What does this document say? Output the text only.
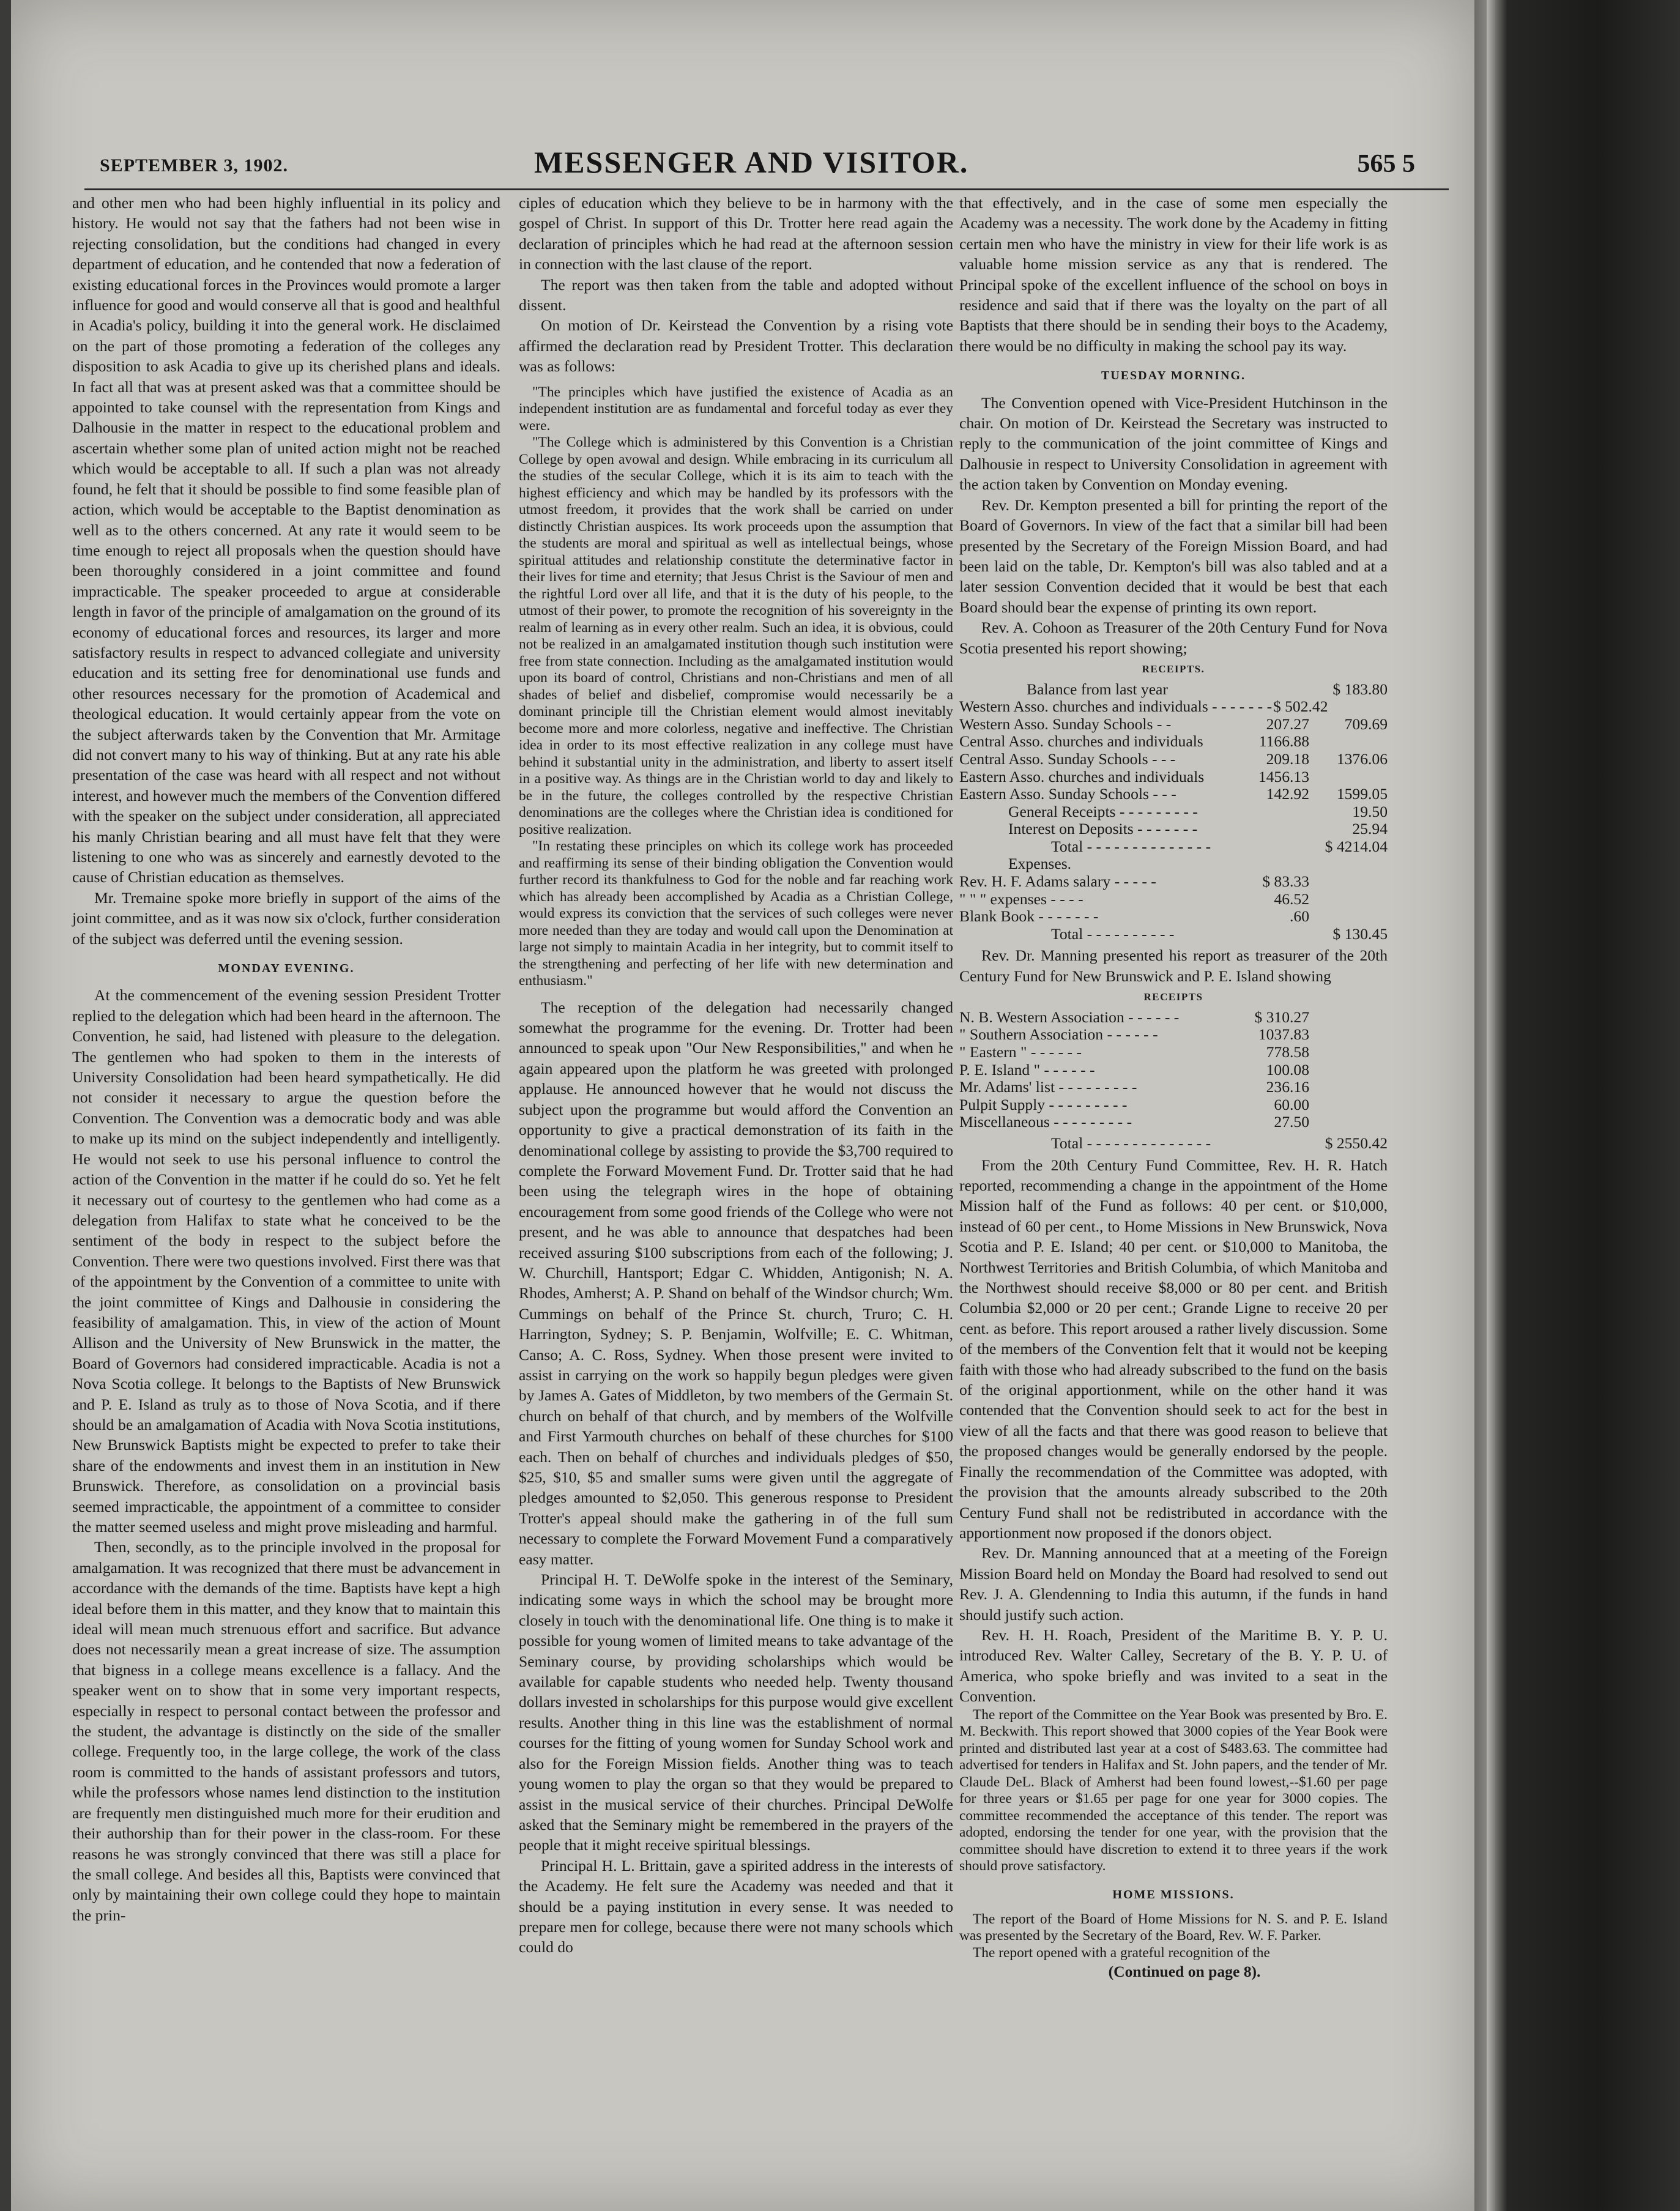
SEPTEMBER 3, 1902.	MESSENGER AND VISITOR.	565 5

and other men who had been highly influential in its policy and history. He would not say that the fathers had not been wise in rejecting consolidation, but the conditions had changed in every department of education, and he contended that now a federation of existing educational forces in the Provinces would promote a larger influence for good and would conserve all that is good and healthful in Acadia's policy, building it into the general work. He disclaimed on the part of those promoting a federation of the colleges any disposition to ask Acadia to give up its cherished plans and ideals. In fact all that was at present asked was that a committee should be appointed to take counsel with the representation from Kings and Dalhousie in the matter in respect to the educational problem and ascertain whether some plan of united action might not be reached which would be acceptable to all. If such a plan was not already found, he felt that it should be possible to find some feasible plan of action, which would be acceptable to the Baptist denomination as well as to the others concerned. At any rate it would seem to be time enough to reject all proposals when the question should have been thoroughly considered in a joint committee and found impracticable. The speaker proceeded to argue at considerable length in favor of the principle of amalgamation on the ground of its economy of educational forces and resources, its larger and more satisfactory results in respect to advanced collegiate and university education and its setting free for denominational use funds and other resources necessary for the promotion of Academical and theological education. It would certainly appear from the vote on the subject afterwards taken by the Convention that Mr. Armitage did not convert many to his way of thinking. But at any rate his able presentation of the case was heard with all respect and not without interest, and however much the members of the Convention differed with the speaker on the subject under consideration, all appreciated his manly Christian bearing and all must have felt that they were listening to one who was as sincerely and earnestly devoted to the cause of Christian education as themselves.

Mr. Tremaine spoke more briefly in support of the aims of the joint committee, and as it was now six o'clock, further consideration of the subject was deferred until the evening session.

MONDAY EVENING.

At the commencement of the evening session President Trotter replied to the delegation which had been heard in the afternoon. The Convention, he said, had listened with pleasure to the delegation. The gentlemen who had spoken to them in the interests of University Consolidation had been heard sympathetically. He did not consider it necessary to argue the question before the Convention. The Convention was a democratic body and was able to make up its mind on the subject independently and intelligently. He would not seek to use his personal influence to control the action of the Convention in the matter if he could do so. Yet he felt it necessary out of courtesy to the gentlemen who had come as a delegation from Halifax to state what he conceived to be the sentiment of the body in respect to the subject before the Convention. There were two questions involved. First there was that of the appointment by the Convention of a committee to unite with the joint committee of Kings and Dalhousie in considering the feasibility of amalgamation. This, in view of the action of Mount Allison and the University of New Brunswick in the matter, the Board of Governors had considered impracticable. Acadia is not a Nova Scotia college. It belongs to the Baptists of New Brunswick and P. E. Island as truly as to those of Nova Scotia, and if there should be an amalgamation of Acadia with Nova Scotia institutions, New Brunswick Baptists might be expected to prefer to take their share of the endowments and invest them in an institution in New Brunswick. Therefore, as consolidation on a provincial basis seemed impracticable, the appointment of a committee to consider the matter seemed useless and might prove misleading and harmful.

Then, secondly, as to the principle involved in the proposal for amalgamation. It was recognized that there must be advancement in accordance with the demands of the time. Baptists have kept a high ideal before them in this matter, and they know that to maintain this ideal will mean much strenuous effort and sacrifice. But advance does not necessarily mean a great increase of size. The assumption that bigness in a college means excellence is a fallacy. And the speaker went on to show that in some very important respects, especially in respect to personal contact between the professor and the student, the advantage is distinctly on the side of the smaller college. Frequently too, in the large college, the work of the class room is committed to the hands of assistant professors and tutors, while the professors whose names lend distinction to the institution are frequently men distinguished much more for their erudition and their authorship than for their power in the class-room. For these reasons he was strongly convinced that there was still a place for the small college. And besides all this, Baptists were convinced that only by maintaining their own college could they hope to maintain the prin-

ciples of education which they believe to be in harmony with the gospel of Christ. In support of this Dr. Trotter here read again the declaration of principles which he had read at the afternoon session in connection with the last clause of the report.

The report was then taken from the table and adopted without dissent.

On motion of Dr. Keirstead the Convention by a rising vote affirmed the declaration read by President Trotter. This declaration was as follows:

"The principles which have justified the existence of Acadia as an independent institution are as fundamental and forceful today as ever they were.

"The College which is administered by this Convention is a Christian College by open avowal and design. While embracing in its curriculum all the studies of the secular College, which it is its aim to teach with the highest efficiency and which may be handled by its professors with the utmost freedom, it provides that the work shall be carried on under distinctly Christian auspices. Its work proceeds upon the assumption that the students are moral and spiritual as well as intellectual beings, whose spiritual attitudes and relationship constitute the determinative factor in their lives for time and eternity; that Jesus Christ is the Saviour of men and the rightful Lord over all life, and that it is the duty of his people, to the utmost of their power, to promote the recognition of his sovereignty in the realm of learning as in every other realm. Such an idea, it is obvious, could not be realized in an amalgamated institution though such institution were free from state connection. Including as the amalgamated institution would upon its board of control, Christians and non-Christians and men of all shades of belief and disbelief, compromise would necessarily be a dominant principle till the Christian element would almost inevitably become more and more colorless, negative and ineffective. The Christian idea in order to its most effective realization in any college must have behind it substantial unity in the administration, and liberty to assert itself in a positive way. As things are in the Christian world to day and likely to be in the future, the colleges controlled by the respective Christian denominations are the colleges where the Christian idea is conditioned for positive realization.

"In restating these principles on which its college work has proceeded and reaffirming its sense of their binding obligation the Convention would further record its thankfulness to God for the noble and far reaching work which has already been accomplished by Acadia as a Christian College, would express its conviction that the services of such colleges were never more needed than they are today and would call upon the Denomination at large not simply to maintain Acadia in her integrity, but to commit itself to the strengthening and perfecting of her life with new determination and enthusiasm."

The reception of the delegation had necessarily changed somewhat the programme for the evening. Dr. Trotter had been announced to speak upon "Our New Responsibilities," and when he again appeared upon the platform he was greeted with prolonged applause. He announced however that he would not discuss the subject upon the programme but would afford the Convention an opportunity to give a practical demonstration of its faith in the denominational college by assisting to provide the $3,700 required to complete the Forward Movement Fund. Dr. Trotter said that he had been using the telegraph wires in the hope of obtaining encouragement from some good friends of the College who were not present, and he was able to announce that despatches had been received assuring $100 subscriptions from each of the following; J. W. Churchill, Hantsport; Edgar C. Whidden, Antigonish; N. A. Rhodes, Amherst; A. P. Shand on behalf of the Windsor church; Wm. Cummings on behalf of the Prince St. church, Truro; C. H. Harrington, Sydney; S. P. Benjamin, Wolfville; E. C. Whitman, Canso; A. C. Ross, Sydney. When those present were invited to assist in carrying on the work so happily begun pledges were given by James A. Gates of Middleton, by two members of the Germain St. church on behalf of that church, and by members of the Wolfville and First Yarmouth churches on behalf of these churches for $100 each. Then on behalf of churches and individuals pledges of $50, $25, $10, $5 and smaller sums were given until the aggregate of pledges amounted to $2,050. This generous response to President Trotter's appeal should make the gathering in of the full sum necessary to complete the Forward Movement Fund a comparatively easy matter.

Principal H. T. DeWolfe spoke in the interest of the Seminary, indicating some ways in which the school may be brought more closely in touch with the denominational life. One thing is to make it possible for young women of limited means to take advantage of the Seminary course, by providing scholarships which would be available for capable students who needed help. Twenty thousand dollars invested in scholarships for this purpose would give excellent results. Another thing in this line was the establishment of normal courses for the fitting of young women for Sunday School work and also for the Foreign Mission fields. Another thing was to teach young women to play the organ so that they would be prepared to assist in the musical service of their churches. Principal DeWolfe asked that the Seminary might be remembered in the prayers of the people that it might receive spiritual blessings.

Principal H. L. Brittain, gave a spirited address in the interests of the Academy. He felt sure the Academy was needed and that it should be a paying institution in every sense. It was needed to prepare men for college, because there were not many schools which could do

that effectively, and in the case of some men especially the Academy was a necessity. The work done by the Academy in fitting certain men who have the ministry in view for their life work is as valuable home mission service as any that is rendered. The Principal spoke of the excellent influence of the school on boys in residence and said that if there was the loyalty on the part of all Baptists that there should be in sending their boys to the Academy, there would be no difficulty in making the school pay its way.

TUESDAY MORNING.

The Convention opened with Vice-President Hutchinson in the chair. On motion of Dr. Keirstead the Secretary was instructed to reply to the communication of the joint committee of Kings and Dalhousie in respect to University Consolidation in agreement with the action taken by Convention on Monday evening.

Rev. Dr. Kempton presented a bill for printing the report of the Board of Governors. In view of the fact that a similar bill had been presented by the Secretary of the Foreign Mission Board, and had been laid on the table, Dr. Kempton's bill was also tabled and at a later session Convention decided that it would be best that each Board should bear the expense of printing its own report.

Rev. A. Cohoon as Treasurer of the 20th Century Fund for Nova Scotia presented his report showing;

RECEIPTS.
Balance from last year	$ 183.80
Western Asso. churches and individuals - - - - - - - $ 502.42
Western Asso. Sunday Schools - -	207.27	709.69
Central Asso. churches and individuals	1166.88
Central Asso. Sunday Schools - - -	209.18	1376.06
Eastern Asso. churches and individuals	1456.13
Eastern Asso. Sunday Schools - - -	142.92	1599.05
General Receipts - - - - - - - - -	19.50
Interest on Deposits - - - - - - -	25.94
Total - - - - - - - - - - - - - -	$ 4214.04
Expenses.
Rev. H. F. Adams salary - - - - -	$ 83.33
" " " expenses - - - -	46.52
Blank Book - - - - - - -	.60
Total - - - - - - - - - -	$ 130.45

Rev. Dr. Manning presented his report as treasurer of the 20th Century Fund for New Brunswick and P. E. Island showing

RECEIPTS
N. B. Western Association - - - - - -	$ 310.27
" Southern Association - - - - - -	1037.83
" Eastern " - - - - - -	778.58
P. E. Island " - - - - - -	100.08
Mr. Adams' list - - - - - - - - -	236.16
Pulpit Supply - - - - - - - - -	60.00
Miscellaneous - - - - - - - - -	27.50
Total - - - - - - - - - - - - - -	$ 2550.42

From the 20th Century Fund Committee, Rev. H. R. Hatch reported, recommending a change in the appointment of the Home Mission half of the Fund as follows: 40 per cent. or $10,000, instead of 60 per cent., to Home Missions in New Brunswick, Nova Scotia and P. E. Island; 40 per cent. or $10,000 to Manitoba, the Northwest Territories and British Columbia, of which Manitoba and the Northwest should receive $8,000 or 80 per cent. and British Columbia $2,000 or 20 per cent.; Grande Ligne to receive 20 per cent. as before. This report aroused a rather lively discussion. Some of the members of the Convention felt that it would not be keeping faith with those who had already subscribed to the fund on the basis of the original apportionment, while on the other hand it was contended that the Convention should seek to act for the best in view of all the facts and that there was good reason to believe that the proposed changes would be generally endorsed by the people. Finally the recommendation of the Committee was adopted, with the provision that the amounts already subscribed to the 20th Century Fund shall not be redistributed in accordance with the apportionment now proposed if the donors object.

Rev. Dr. Manning announced that at a meeting of the Foreign Mission Board held on Monday the Board had resolved to send out Rev. J. A. Glendenning to India this autumn, if the funds in hand should justify such action.

Rev. H. H. Roach, President of the Maritime B. Y. P. U. introduced Rev. Walter Calley, Secretary of the B. Y. P. U. of America, who spoke briefly and was invited to a seat in the Convention.

The report of the Committee on the Year Book was presented by Bro. E. M. Beckwith. This report showed that 3000 copies of the Year Book were printed and distributed last year at a cost of $483.63. The committee had advertised for tenders in Halifax and St. John papers, and the tender of Mr. Claude DeL. Black of Amherst had been found lowest,--$1.60 per page for three years or $1.65 per page for one year for 3000 copies. The committee recommended the acceptance of this tender. The report was adopted, endorsing the tender for one year, with the provision that the committee should have discretion to extend it to three years if the work should prove satisfactory.

HOME MISSIONS.

The report of the Board of Home Missions for N. S. and P. E. Island was presented by the Secretary of the Board, Rev. W. F. Parker.

The report opened with a grateful recognition of the

(Continued on page 8).
